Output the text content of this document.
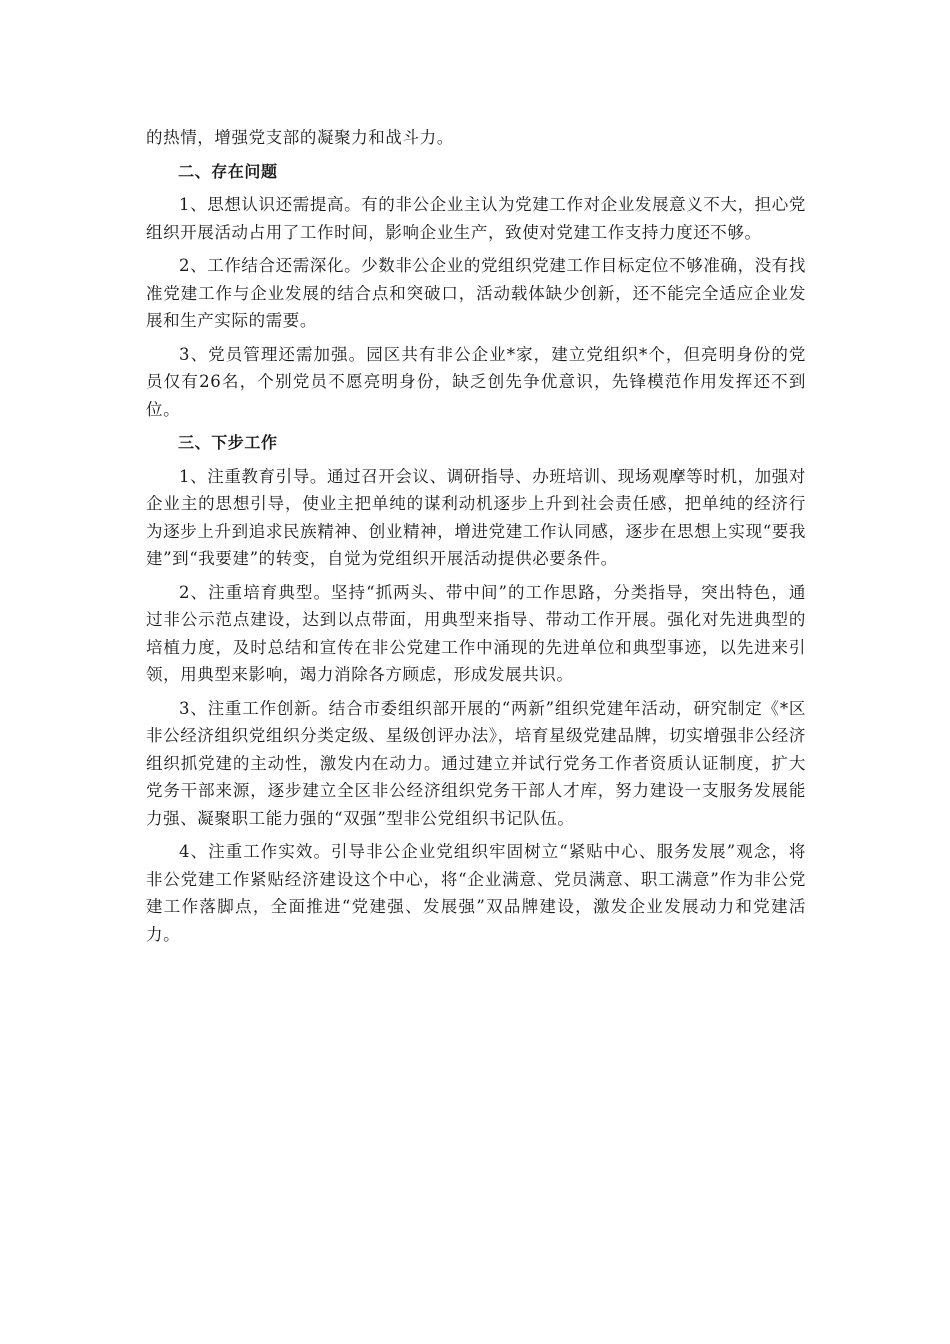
的热情，增强党支部的凝聚力和战斗力。

二、存在问题

1、思想认识还需提高。有的非公企业主认为党建工作对企业发展意义不大，担心党组织开展活动占用了工作时间，影响企业生产，致使对党建工作支持力度还不够。

2、工作结合还需深化。少数非公企业的党组织党建工作目标定位不够准确，没有找准党建工作与企业发展的结合点和突破口，活动载体缺少创新，还不能完全适应企业发展和生产实际的需要。

3、党员管理还需加强。园区共有非公企业*家，建立党组织*个，但亮明身份的党员仅有26名，个别党员不愿亮明身份，缺乏创先争优意识，先锋模范作用发挥还不到位。

三、下步工作

1、注重教育引导。通过召开会议、调研指导、办班培训、现场观摩等时机，加强对企业主的思想引导，使业主把单纯的谋利动机逐步上升到社会责任感，把单纯的经济行为逐步上升到追求民族精神、创业精神，增进党建工作认同感，逐步在思想上实现“要我建”到“我要建”的转变，自觉为党组织开展活动提供必要条件。

2、注重培育典型。坚持“抓两头、带中间”的工作思路，分类指导，突出特色，通过非公示范点建设，达到以点带面，用典型来指导、带动工作开展。强化对先进典型的培植力度，及时总结和宣传在非公党建工作中涌现的先进单位和典型事迹，以先进来引领，用典型来影响，竭力消除各方顾虑，形成发展共识。

3、注重工作创新。结合市委组织部开展的“两新”组织党建年活动，研究制定《*区非公经济组织党组织分类定级、星级创评办法》，培育星级党建品牌，切实增强非公经济组织抓党建的主动性，激发内在动力。通过建立并试行党务工作者资质认证制度，扩大党务干部来源，逐步建立全区非公经济组织党务干部人才库，努力建设一支服务发展能力强、凝聚职工能力强的“双强”型非公党组织书记队伍。

4、注重工作实效。引导非公企业党组织牢固树立“紧贴中心、服务发展”观念，将非公党建工作紧贴经济建设这个中心，将“企业满意、党员满意、职工满意”作为非公党建工作落脚点，全面推进“党建强、发展强”双品牌建设，激发企业发展动力和党建活力。
